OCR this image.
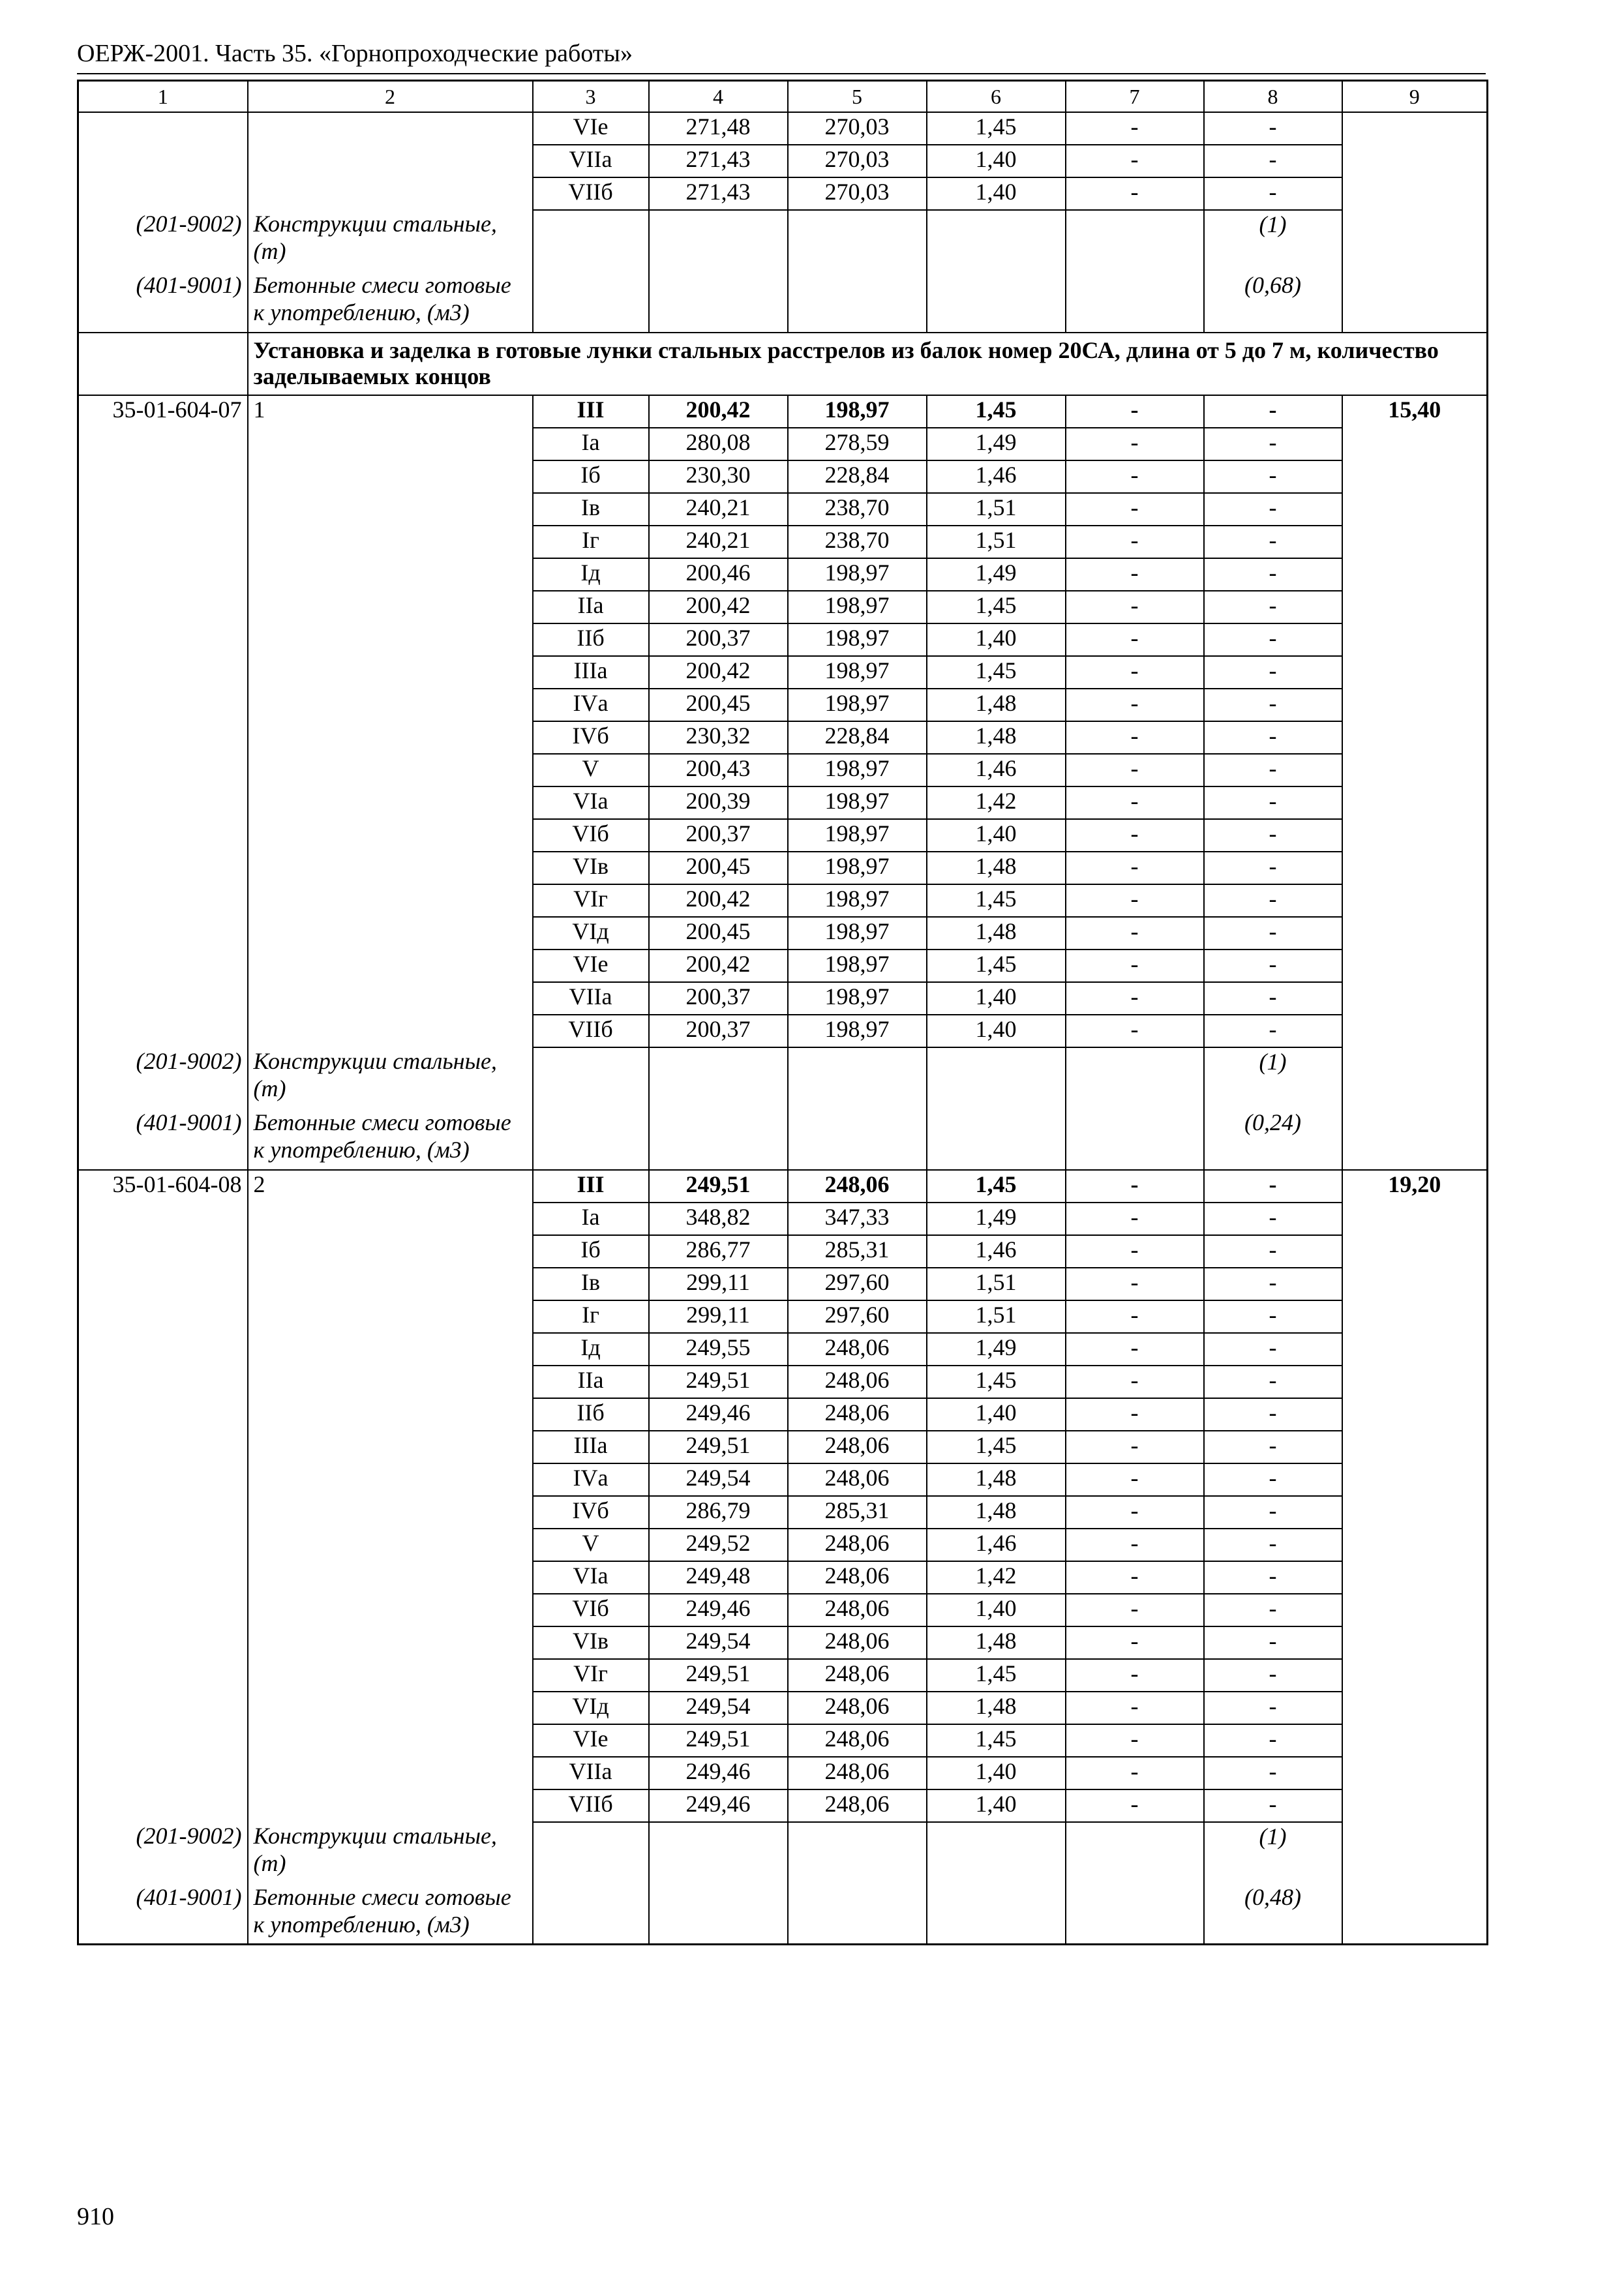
ОЕРЖ-2001. Часть 35. «Горнопроходческие работы»
1	2	3	4	5	6	7	8	9
		VIе	271,48	270,03	1,45	-	-	
		VIIа	271,43	270,03	1,40	-	-	
		VIIб	271,43	270,03	1,40	-	-	
(201-9002)	Конструкции стальные, (т)						(1)	
(401-9001)	Бетонные смеси готовые к употреблению, (м3)						(0,68)	
	Установка и заделка в готовые лунки стальных расстрелов из балок номер 20СА, длина от 5 до 7 м, количество заделываемых концов							
35-01-604-07	1	III	200,42	198,97	1,45	-	-	15,40
		Iа	280,08	278,59	1,49	-	-	
		Iб	230,30	228,84	1,46	-	-	
		Iв	240,21	238,70	1,51	-	-	
		Iг	240,21	238,70	1,51	-	-	
		Iд	200,46	198,97	1,49	-	-	
		IIа	200,42	198,97	1,45	-	-	
		IIб	200,37	198,97	1,40	-	-	
		IIIа	200,42	198,97	1,45	-	-	
		IVа	200,45	198,97	1,48	-	-	
		IVб	230,32	228,84	1,48	-	-	
		V	200,43	198,97	1,46	-	-	
		VIа	200,39	198,97	1,42	-	-	
		VIб	200,37	198,97	1,40	-	-	
		VIв	200,45	198,97	1,48	-	-	
		VIг	200,42	198,97	1,45	-	-	
		VIд	200,45	198,97	1,48	-	-	
		VIе	200,42	198,97	1,45	-	-	
		VIIа	200,37	198,97	1,40	-	-	
		VIIб	200,37	198,97	1,40	-	-	
(201-9002)	Конструкции стальные, (т)						(1)	
(401-9001)	Бетонные смеси готовые к употреблению, (м3)						(0,24)	
35-01-604-08	2	III	249,51	248,06	1,45	-	-	19,20
		Iа	348,82	347,33	1,49	-	-	
		Iб	286,77	285,31	1,46	-	-	
		Iв	299,11	297,60	1,51	-	-	
		Iг	299,11	297,60	1,51	-	-	
		Iд	249,55	248,06	1,49	-	-	
		IIа	249,51	248,06	1,45	-	-	
		IIб	249,46	248,06	1,40	-	-	
		IIIа	249,51	248,06	1,45	-	-	
		IVа	249,54	248,06	1,48	-	-	
		IVб	286,79	285,31	1,48	-	-	
		V	249,52	248,06	1,46	-	-	
		VIа	249,48	248,06	1,42	-	-	
		VIб	249,46	248,06	1,40	-	-	
		VIв	249,54	248,06	1,48	-	-	
		VIг	249,51	248,06	1,45	-	-	
		VIд	249,54	248,06	1,48	-	-	
		VIе	249,51	248,06	1,45	-	-	
		VIIа	249,46	248,06	1,40	-	-	
		VIIб	249,46	248,06	1,40	-	-	
(201-9002)	Конструкции стальные, (т)						(1)	
(401-9001)	Бетонные смеси готовые к употреблению, (м3)						(0,48)	
910
